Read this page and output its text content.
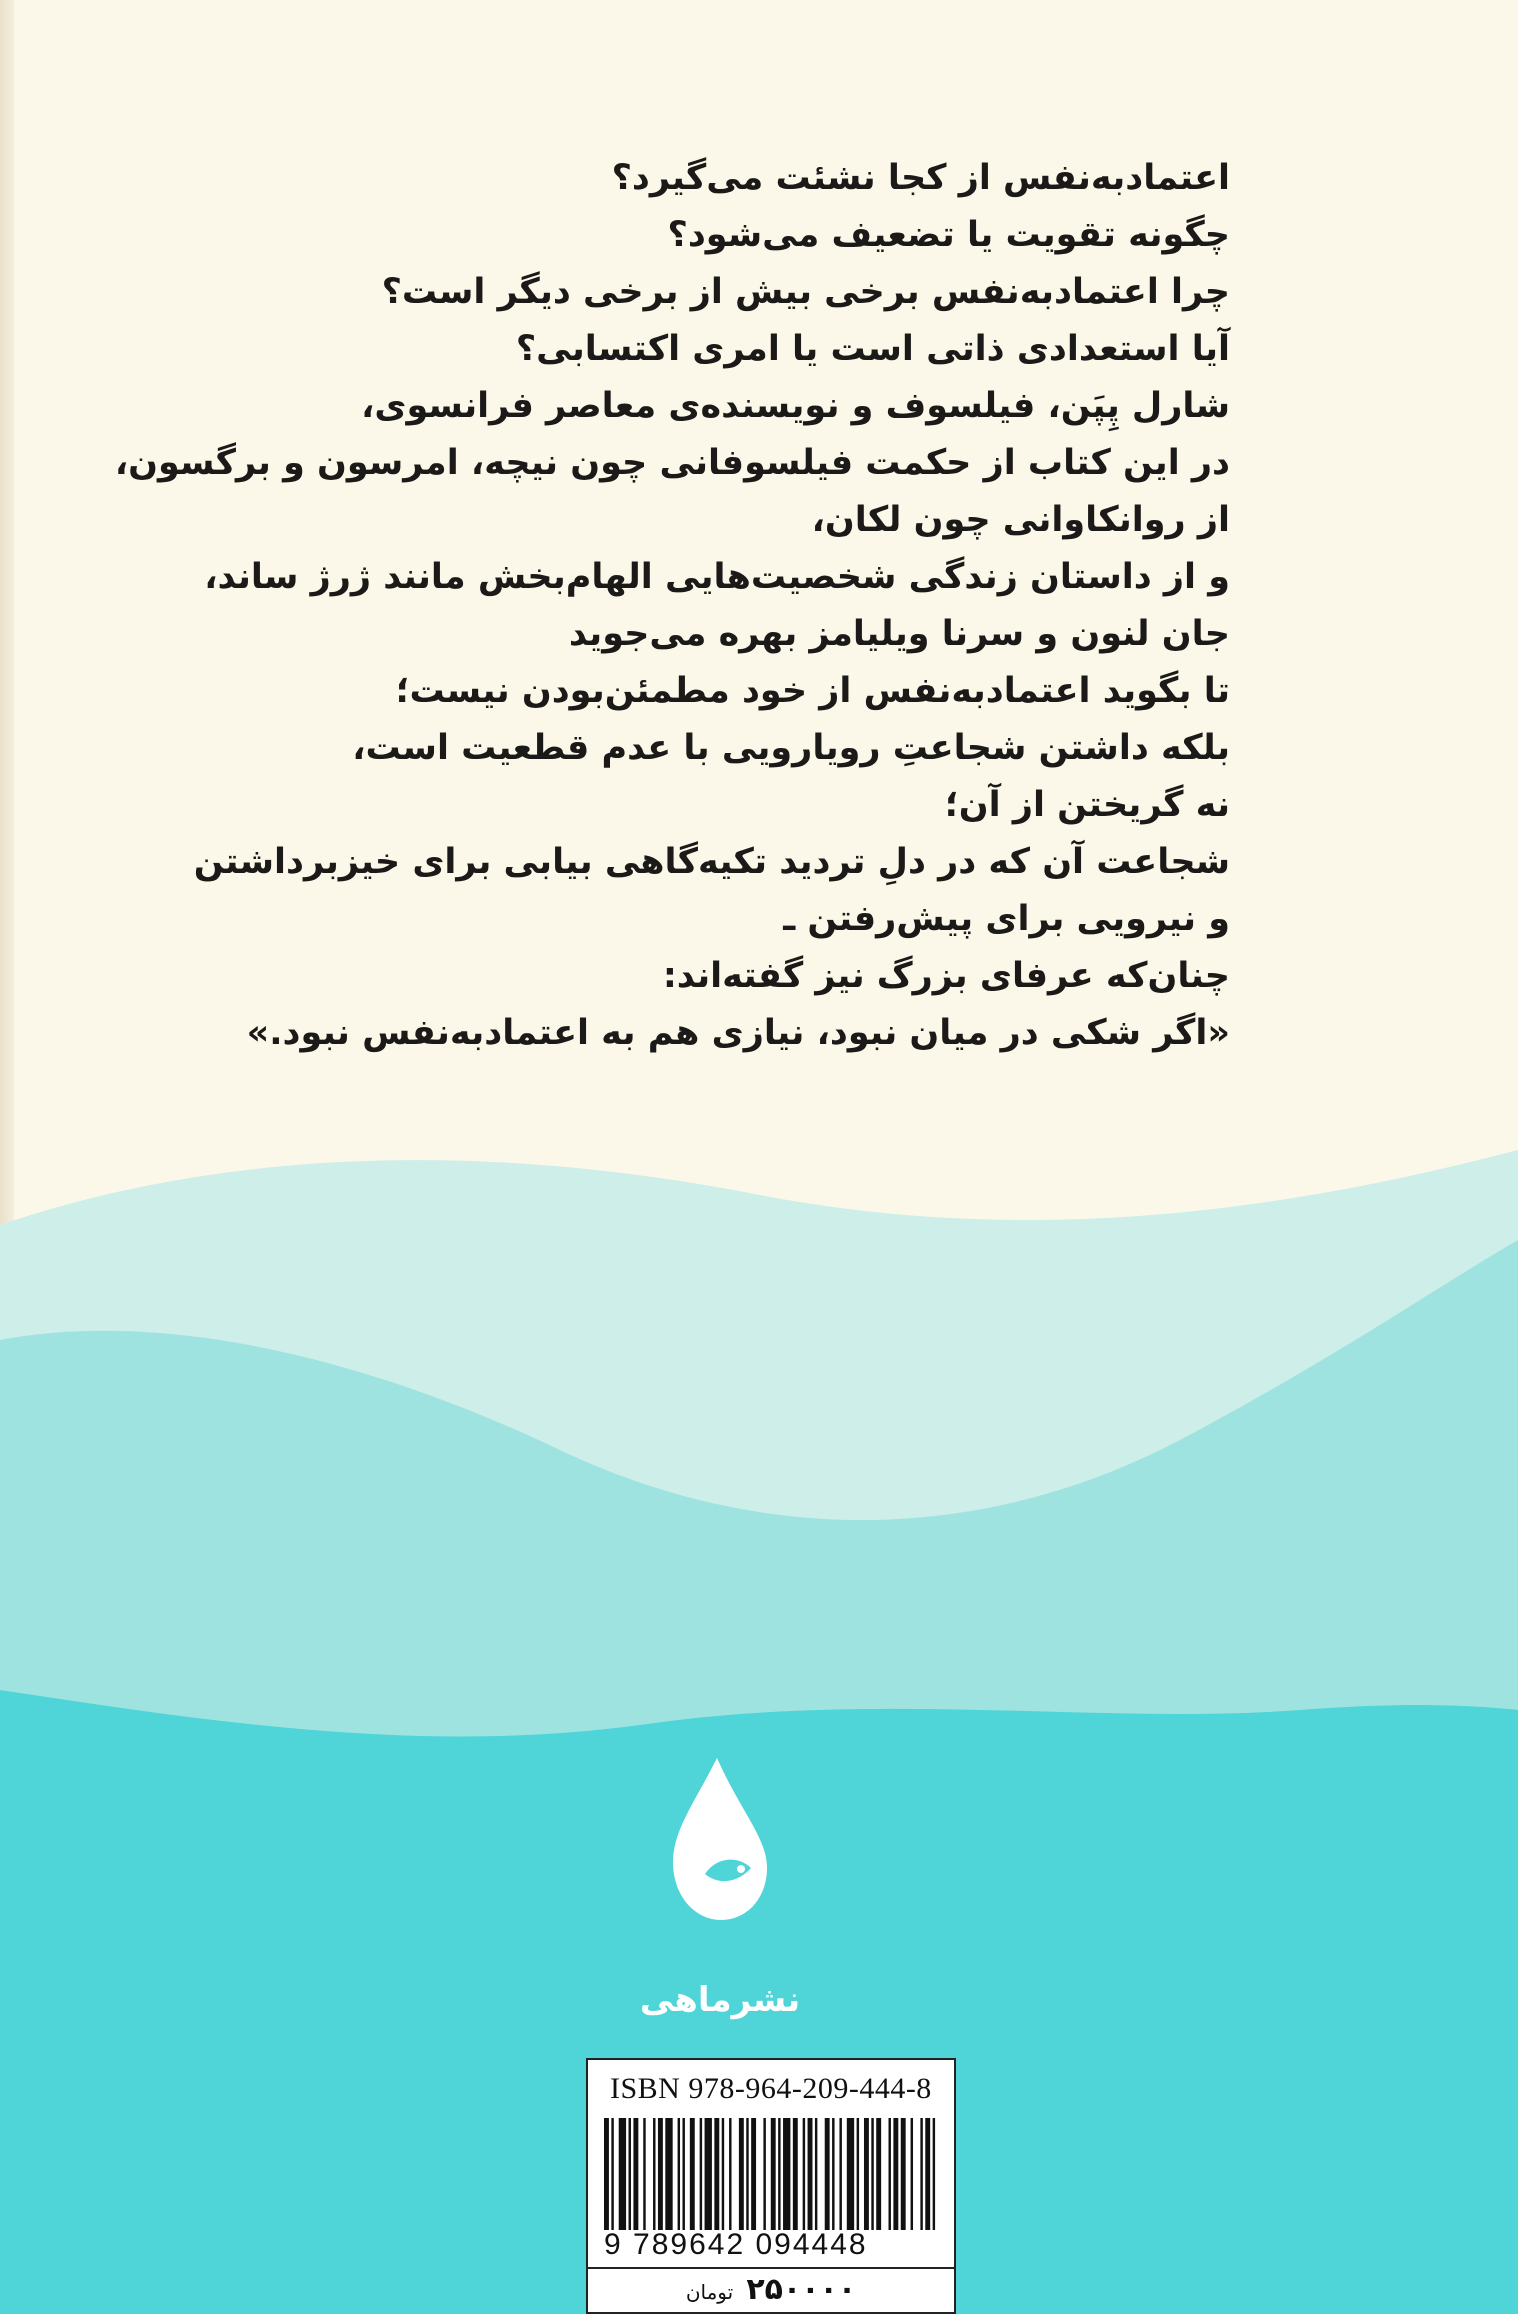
اعتمادبه‌نفس از کجا نشئت می‌گیرد؟
چگونه تقویت یا تضعیف می‌شود؟
چرا اعتمادبه‌نفس برخی بیش از برخی دیگر است؟
آیا استعدادی ذاتی است یا امری اکتسابی؟
شارل پِپَن، فیلسوف و نویسنده‌ی معاصر فرانسوی،
در این کتاب از حکمت فیلسوفانی چون نیچه، امرسون و برگسون،
از روانکاوانی چون لکان،
و از داستان زندگی شخصیت‌هایی الهام‌بخش مانند ژرژ ساند،
جان لنون و سرنا ویلیامز بهره می‌جوید
تا بگوید اعتمادبه‌نفس از خود مطمئن‌بودن نیست؛
بلکه داشتن شجاعتِ رویارویی با عدم قطعیت است،
نه گریختن از آن؛
شجاعت آن که در دلِ تردید تکیه‌گاهی بیابی برای خیزبرداشتن
و نیرویی برای پیش‌رفتن ـ
چنان‌که عرفای بزرگ نیز گفته‌اند:
«اگر شکی در میان نبود، نیازی هم به اعتمادبه‌نفس نبود.»
نشرماهی
ISBN 978-964-209-444-8
9 789642 094448
۲۵۰۰۰۰ تومان
